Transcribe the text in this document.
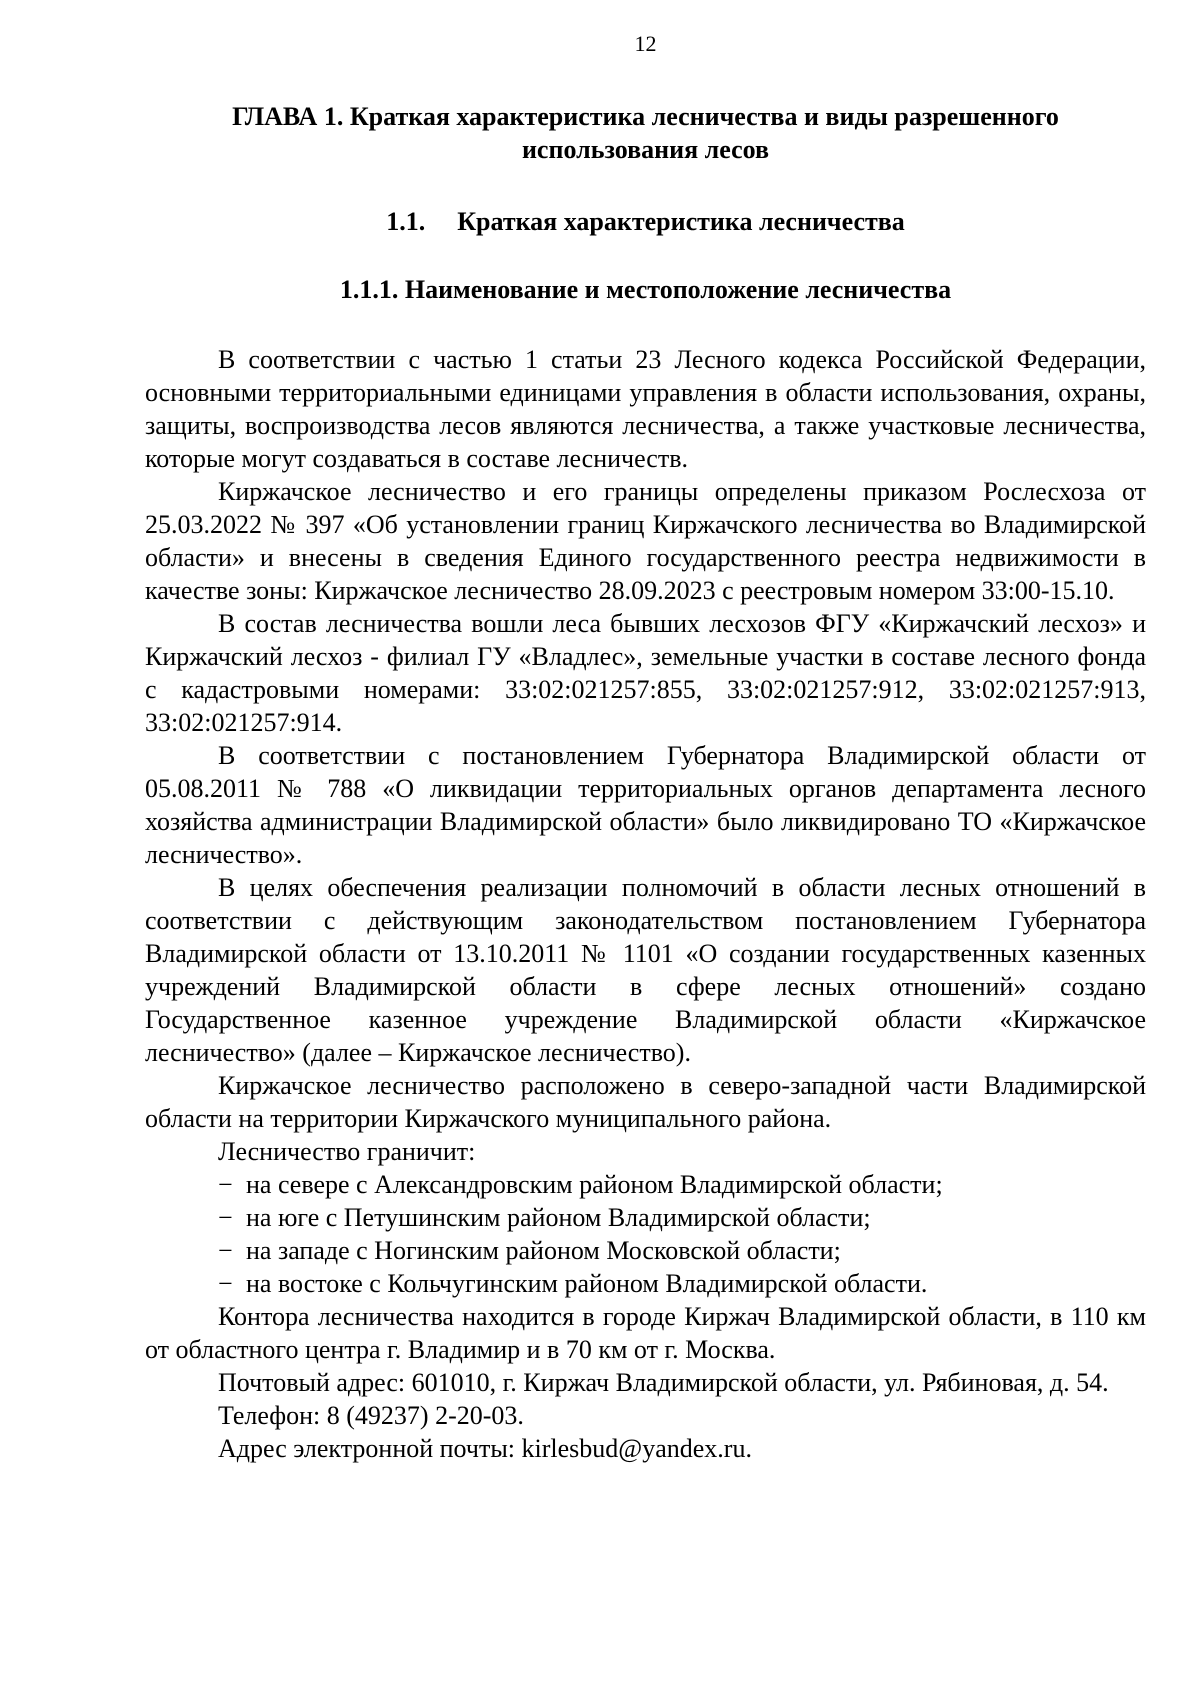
12
ГЛАВА 1. Краткая характеристика лесничества и виды разрешенного использования лесов
1.1. Краткая характеристика лесничества
1.1.1. Наименование и местоположение лесничества

В соответствии с частью 1 статьи 23 Лесного кодекса Российской Федерации, основными территориальными единицами управления в области использования, охраны, защиты, воспроизводства лесов являются лесничества, а также участковые лесничества, которые могут создаваться в составе лесничеств.

Киржачское лесничество и его границы определены приказом Рослесхоза от 25.03.2022 № 397 «Об установлении границ Киржачского лесничества во Владимирской области» и внесены в сведения Единого государственного реестра недвижимости в качестве зоны: Киржачское лесничество 28.09.2023 с реестровым номером 33:00-15.10.

В состав лесничества вошли леса бывших лесхозов ФГУ «Киржачский лесхоз» и Киржачский лесхоз - филиал ГУ «Владлес», земельные участки в составе лесного фонда с кадастровыми номерами: 33:02:021257:855, 33:02:021257:912, 33:02:021257:913, 33:02:021257:914.

В соответствии с постановлением Губернатора Владимирской области от 05.08.2011 № 788 «О ликвидации территориальных органов департамента лесного хозяйства администрации Владимирской области» было ликвидировано ТО «Киржачское лесничество».

В целях обеспечения реализации полномочий в области лесных отношений в соответствии с действующим законодательством постановлением Губернатора Владимирской области от 13.10.2011 № 1101 «О создании государственных казенных учреждений Владимирской области в сфере лесных отношений» создано Государственное казенное учреждение Владимирской области «Киржачское лесничество» (далее – Киржачское лесничество).

Киржачское лесничество расположено в северо-западной части Владимирской области на территории Киржачского муниципального района.

Лесничество граничит:

− на севере с Александровским районом Владимирской области;
− на юге с Петушинским районом Владимирской области;
− на западе с Ногинским районом Московской области;
− на востоке с Кольчугинским районом Владимирской области.

Контора лесничества находится в городе Киржач Владимирской области, в 110 км от областного центра г. Владимир и в 70 км от г. Москва.

Почтовый адрес: 601010, г. Киржач Владимирской области, ул. Рябиновая, д. 54.

Телефон: 8 (49237) 2-20-03.

Адрес электронной почты: kirlesbud@yandex.ru.
